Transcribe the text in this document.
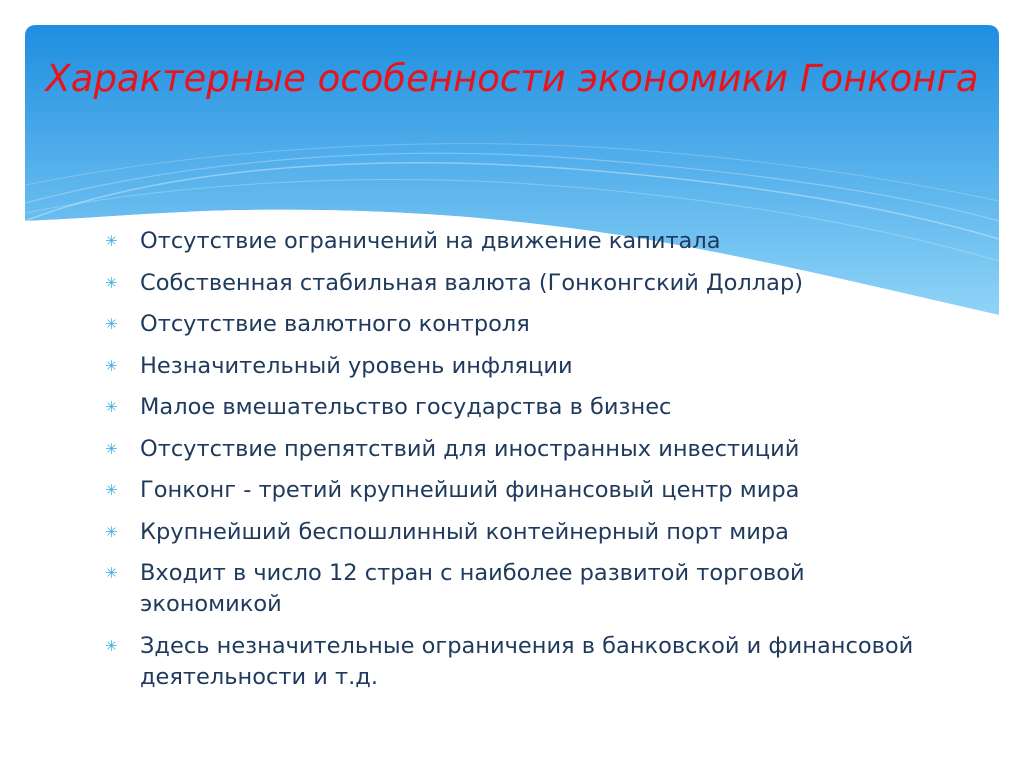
Характерные особенности экономики Гонконга
✳ Отсутствие ограничений на движение капитала
✳ Собственная стабильная валюта (Гонконгский Доллар)
✳ Отсутствие валютного контроля
✳ Незначительный уровень инфляции
✳ Малое вмешательство государства в бизнес
✳ Отсутствие препятствий для иностранных инвестиций
✳ Гонконг - третий крупнейший финансовый центр мира
✳ Крупнейший беспошлинный контейнерный порт мира
✳ Входит в число 12 стран с наиболее развитой торговой экономикой
✳ Здесь незначительные ограничения в банковской и финансовой деятельности и т.д.
